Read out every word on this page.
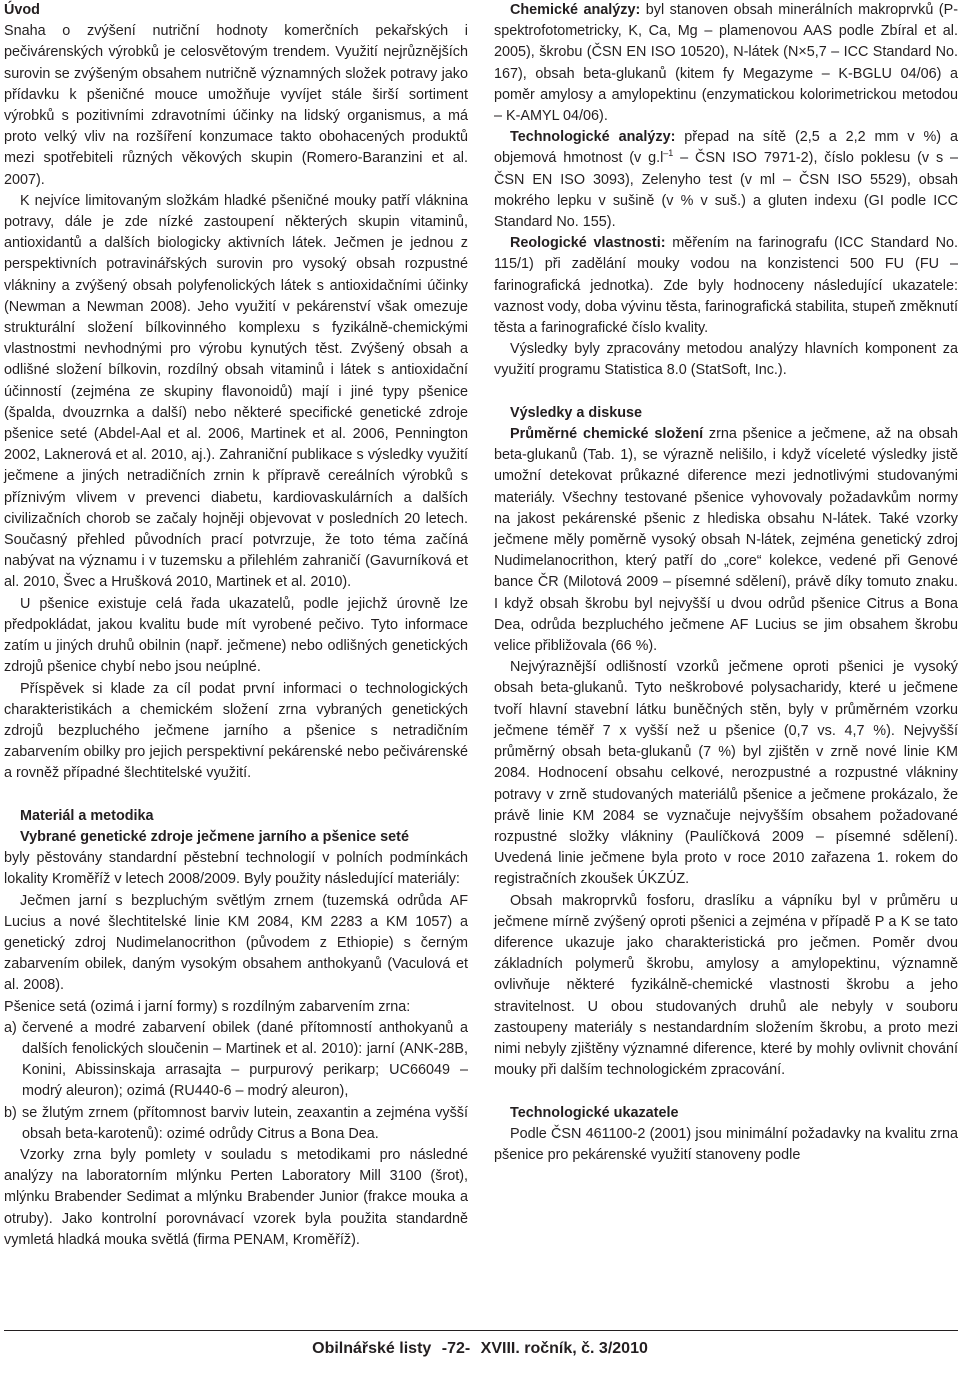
Úvod

Snaha o zvýšení nutriční hodnoty komerčních pekařských i pečivárenských výrobků je celosvětovým trendem. Využití nejrůznějších surovin se zvýšeným obsahem nutričně významných složek potravy jako přídavku k pšeničné mouce umožňuje vyvíjet stále širší sortiment výrobků s pozitivními zdravotními účinky na lidský organismus, a má proto velký vliv na rozšíření konzumace takto obohacených produktů mezi spotřebiteli různých věkových skupin (Romero-Baranzini et al. 2007).

K nejvíce limitovaným složkám hladké pšeničné mouky patří vláknina potravy, dále je zde nízké zastoupení některých skupin vitaminů, antioxidantů a dalších biologicky aktivních látek. Ječmen je jednou z perspektivních potravinářských surovin pro vysoký obsah rozpustné vlákniny a zvýšený obsah polyfenolických látek s antioxidačními účinky (Newman a Newman 2008). Jeho využití v pekárenství však omezuje strukturální složení bílkovinného komplexu s fyzikálně-chemickými vlastnostmi nevhodnými pro výrobu kynutých těst. Zvýšený obsah a odlišné složení bílkovin, rozdílný obsah vitaminů i látek s antioxidační účinností (zejména ze skupiny flavonoidů) mají i jiné typy pšenice (špalda, dvouzrnka a další) nebo některé specifické genetické zdroje pšenice seté (Abdel-Aal et al. 2006, Martinek et al. 2006, Pennington 2002, Laknerová et al. 2010, aj.). Zahraniční publikace s výsledky využití ječmene a jiných netradičních zrnin k přípravě cereálních výrobků s příznivým vlivem v prevenci diabetu, kardiovaskulárních a dalších civilizačních chorob se začaly hojněji objevovat v posledních 20 letech. Současný přehled původních prací potvrzuje, že toto téma začíná nabývat na významu i v tuzemsku a přilehlém zahraničí (Gavurníková et al. 2010, Švec a Hrušková 2010, Martinek et al. 2010).

U pšenice existuje celá řada ukazatelů, podle jejichž úrovně lze předpokládat, jakou kvalitu bude mít vyrobené pečivo. Tyto informace zatím u jiných druhů obilnin (např. ječmene) nebo odlišných genetických zdrojů pšenice chybí nebo jsou neúplné.

Příspěvek si klade za cíl podat první informaci o technologických charakteristikách a chemickém složení zrna vybraných genetických zdrojů bezpluchého ječmene jarního a pšenice s netradičním zabarvením obilky pro jejich perspektivní pekárenské nebo pečivárenské a rovněž případné šlechtitelské využití.

Materiál a metodika

Vybrané genetické zdroje ječmene jarního a pšenice seté

byly pěstovány standardní pěstební technologií v polních podmínkách lokality Kroměříž v letech 2008/2009. Byly použity následující materiály:

Ječmen jarní s bezpluchým světlým zrnem (tuzemská odrůda AF Lucius a nové šlechtitelské linie KM 2084, KM 2283 a KM 1057) a genetický zdroj Nudimelanocrithon (původem z Ethiopie) s černým zabarvením obilek, daným vysokým obsahem anthokyanů (Vaculová et al. 2008).

Pšenice setá (ozimá i jarní formy) s rozdílným zabarvením zrna:

a) červené a modré zabarvení obilek (dané přítomností anthokyanů a dalších fenolických sloučenin – Martinek et al. 2010): jarní (ANK-28B, Konini, Abissinskaja arrasajta – purpurový perikarp; UC66049 – modrý aleuron); ozimá (RU440-6 – modrý aleuron),
b) se žlutým zrnem (přítomnost barviv lutein, zeaxantin a zejména vyšší obsah beta-karotenů): ozimé odrůdy Citrus a Bona Dea.

Vzorky zrna byly pomlety v souladu s metodikami pro následné analýzy na laboratorním mlýnku Perten Laboratory Mill 3100 (šrot), mlýnku Brabender Sedimat a mlýnku Brabender Junior (frakce mouka a otruby). Jako kontrolní porovnávací vzorek byla použita standardně vymletá hladká mouka světlá (firma PENAM, Kroměříž).

Chemické analýzy: byl stanoven obsah minerálních makroprvků (P-spektrofotometricky, K, Ca, Mg – plamenovou AAS podle Zbíral et al. 2005), škrobu (ČSN EN ISO 10520), N-látek (N×5,7 – ICC Standard No. 167), obsah beta-glukanů (kitem fy Megazyme – K-BGLU 04/06) a poměr amylosy a amylopektinu (enzymatickou kolorimetrickou metodou – K-AMYL 04/06).

Technologické analýzy: přepad na sítě (2,5 a 2,2 mm v %) a objemová hmotnost (v $g.l^{-1}$ – ČSN ISO 7971-2), číslo poklesu (v s – ČSN EN ISO 3093), Zelenyho test (v ml – ČSN ISO 5529), obsah mokrého lepku v sušině (v % v suš.) a gluten indexu (GI podle ICC Standard No. 155).

Reologické vlastnosti: měřením na farinografu (ICC Standard No. 115/1) při zadělání mouky vodou na konzistenci 500 FU (FU – farinografická jednotka). Zde byly hodnoceny následující ukazatele: vaznost vody, doba vývinu těsta, farinografická stabilita, stupeň změknutí těsta a farinografické číslo kvality.

Výsledky byly zpracovány metodou analýzy hlavních komponent za využití programu Statistica 8.0 (StatSoft, Inc.).

Výsledky a diskuse

Průměrné chemické složení zrna pšenice a ječmene, až na obsah beta-glukanů (Tab. 1), se výrazně nelišilo, i když víceleté výsledky jistě umožní detekovat průkazné diference mezi jednotlivými studovanými materiály. Všechny testované pšenice vyhovovaly požadavkům normy na jakost pekárenské pšenic z hlediska obsahu N-látek. Také vzorky ječmene měly poměrně vysoký obsah N-látek, zejména genetický zdroj Nudimelanocrithon, který patří do „core“ kolekce, vedené při Genové bance ČR (Milotová 2009 – písemné sdělení), právě díky tomuto znaku. I když obsah škrobu byl nejvyšší u dvou odrůd pšenice Citrus a Bona Dea, odrůda bezpluchého ječmene AF Lucius se jim obsahem škrobu velice přibližovala (66 %).

Nejvýraznější odlišností vzorků ječmene oproti pšenici je vysoký obsah beta-glukanů. Tyto neškrobové polysacharidy, které u ječmene tvoří hlavní stavební látku buněčných stěn, byly v průměrném vzorku ječmene téměř 7 x vyšší než u pšenice (0,7 vs. 4,7 %). Nejvyšší průměrný obsah beta-glukanů (7 %) byl zjištěn v zrně nové linie KM 2084. Hodnocení obsahu celkové, nerozpustné a rozpustné vlákniny potravy v zrně studovaných materiálů pšenice a ječmene prokázalo, že právě linie KM 2084 se vyznačuje nejvyšším obsahem požadované rozpustné složky vlákniny (Paulíčková 2009 – písemné sdělení). Uvedená linie ječmene byla proto v roce 2010 zařazena 1. rokem do registračních zkoušek ÚKZÚZ.

Obsah makroprvků fosforu, draslíku a vápníku byl v průměru u ječmene mírně zvýšený oproti pšenici a zejména v případě P a K se tato diference ukazuje jako charakteristická pro ječmen. Poměr dvou základních polymerů škrobu, amylosy a amylopektinu, významně ovlivňuje některé fyzikálně-chemické vlastnosti škrobu a jeho stravitelnost. U obou studovaných druhů ale nebyly v souboru zastoupeny materiály s nestandardním složením škrobu, a proto mezi nimi nebyly zjištěny významné diference, které by mohly ovlivnit chování mouky při dalším technologickém zpracování.

Technologické ukazatele

Podle ČSN 461100-2 (2001) jsou minimální požadavky na kvalitu zrna pšenice pro pekárenské využití stanoveny podle

Obilnářské listy -72- XVIII. ročník, č. 3/2010
